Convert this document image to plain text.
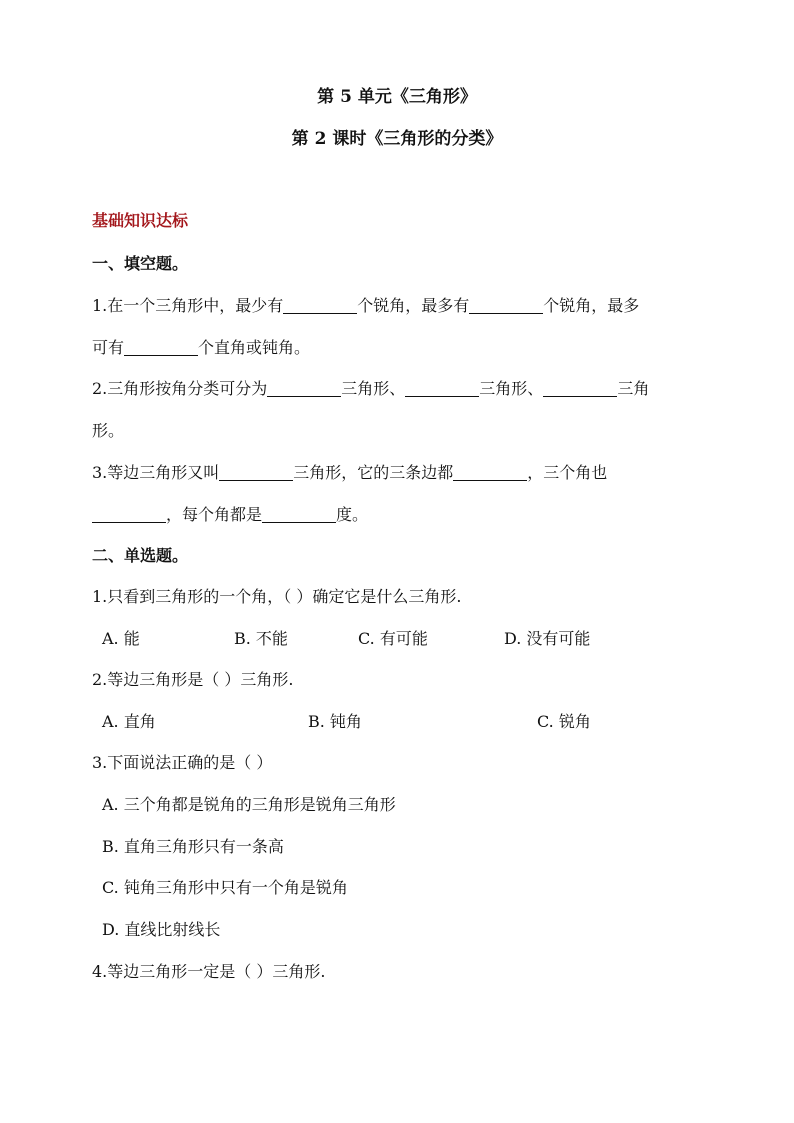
第 5 单元《三角形》
第 2 课时《三角形的分类》
基础知识达标
一、填空题。
1.在一个三角形中，最少有	个锐角，最多有	个锐角，最多
可有	个直角或钝角。
2.三角形按角分类可分为	三角形、	三角形、	三角
形。
3.等边三角形又叫	三角形，它的三条边都	，三个角也
，每个角都是	度。
二、单选题。
1.只看到三角形的一个角，（ ）确定它是什么三角形.
A. 能	B. 不能	C. 有可能	D. 没有可能
2.等边三角形是（ ）三角形.
A. 直角	B. 钝角	C. 锐角
3.下面说法正确的是（ ）
A. 三个角都是锐角的三角形是锐角三角形
B. 直角三角形只有一条高
C. 钝角三角形中只有一个角是锐角
D. 直线比射线长
4.等边三角形一定是（ ）三角形.
